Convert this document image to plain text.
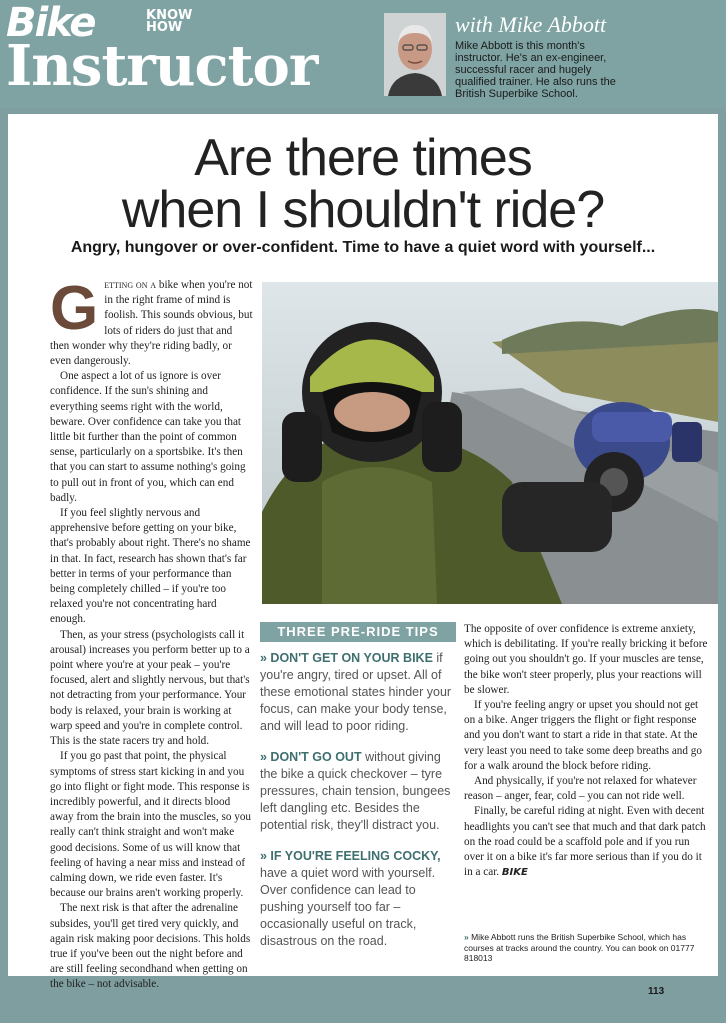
Bike	KNOW
HOW
Instructor
with Mike Abbott
Mike Abbott is this month's instructor. He's an ex-engineer, successful racer and hugely qualified trainer. He also runs the British Superbike School.
Are there times
when I shouldn't ride?
Angry, hungover or over-confident. Time to have a quiet word with yourself...

Getting on a bike when you're not in the right frame of mind is foolish. This sounds obvious, but lots of riders do just that and then wonder why they're riding badly, or even dangerously.

One aspect a lot of us ignore is over confidence. If the sun's shining and everything seems right with the world, beware. Over confidence can take you that little bit further than the point of common sense, particularly on a sportsbike. It's then that you can start to assume nothing's going to pull out in front of you, which can end badly.

If you feel slightly nervous and apprehensive before getting on your bike, that's probably about right. There's no shame in that. In fact, research has shown that's far better in terms of your performance than being completely chilled – if you're too relaxed you're not concentrating hard enough.

Then, as your stress (psychologists call it arousal) increases you perform better up to a point where you're at your peak – you're focused, alert and slightly nervous, but that's not detracting from your performance. Your body is relaxed, your brain is working at warp speed and you're in complete control. This is the state racers try and hold.

If you go past that point, the physical symptoms of stress start kicking in and you go into flight or fight mode. This response is incredibly powerful, and it directs blood away from the brain into the muscles, so you really can't think straight and won't make good decisions. Some of us will know that feeling of having a near miss and instead of calming down, we ride even faster. It's because our brains aren't working properly.

The next risk is that after the adrenaline subsides, you'll get tired very quickly, and again risk making poor decisions. This holds true if you've been out the night before and are still feeling secondhand when getting on the bike – not advisable.

THREE PRE-RIDE TIPS

» DON'T GET ON YOUR BIKE if you're angry, tired or upset. All of these emotional states hinder your focus, can make your body tense, and will lead to poor riding.

» DON'T GO OUT without giving the bike a quick checkover – tyre pressures, chain tension, bungees left dangling etc. Besides the potential risk, they'll distract you.

» IF YOU'RE FEELING COCKY, have a quiet word with yourself. Over confidence can lead to pushing yourself too far – occasionally useful on track, disastrous on the road.

The opposite of over confidence is extreme anxiety, which is debilitating. If you're really bricking it before going out you shouldn't go. If your muscles are tense, the bike won't steer properly, plus your reactions will be slower.

If you're feeling angry or upset you should not get on a bike. Anger triggers the flight or fight response and you don't want to start a ride in that state. At the very least you need to take some deep breaths and go for a walk around the block before riding.

And physically, if you're not relaxed for whatever reason – anger, fear, cold – you can not ride well.

Finally, be careful riding at night. Even with decent headlights you can't see that much and that dark patch on the road could be a scaffold pole and if you run over it on a bike it's far more serious than if you do it in a car. BIKE

» Mike Abbott runs the British Superbike School, which has courses at tracks around the country. You can book on 01777 818013
113
